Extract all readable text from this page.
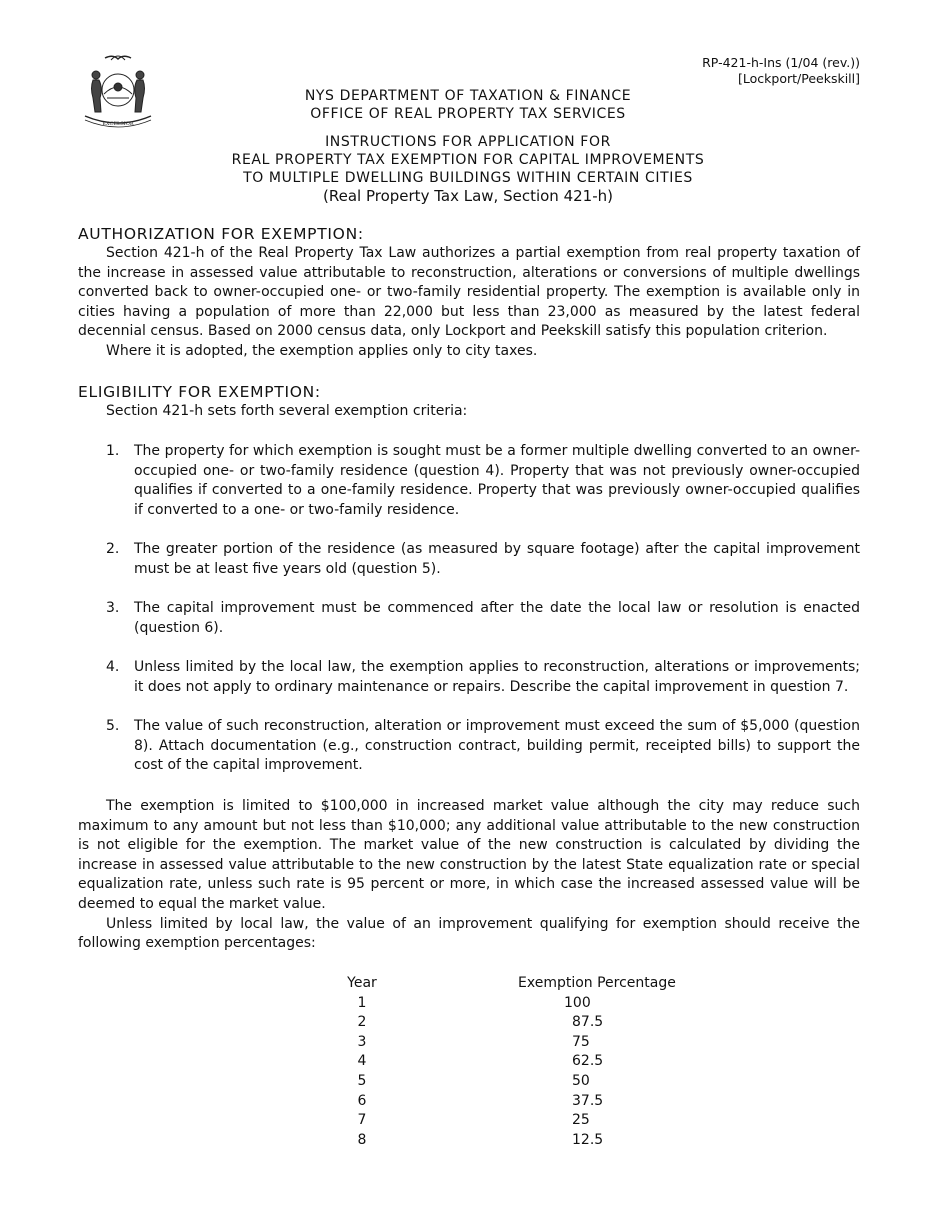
EXCELSIOR
RP-421-h-Ins (1/04 (rev.))
[Lockport/Peekskill]
NYS DEPARTMENT OF TAXATION & FINANCE
OFFICE OF REAL PROPERTY TAX SERVICES
INSTRUCTIONS FOR APPLICATION FOR
REAL PROPERTY TAX EXEMPTION FOR CAPITAL IMPROVEMENTS
TO MULTIPLE DWELLING BUILDINGS WITHIN CERTAIN CITIES
(Real Property Tax Law, Section 421-h)
AUTHORIZATION FOR EXEMPTION:

Section 421-h of the Real Property Tax Law authorizes a partial exemption from real property taxation of the increase in assessed value attributable to reconstruction, alterations or conversions of multiple dwellings converted back to owner-occupied one- or two-family residential property. The exemption is available only in cities having a population of more than 22,000 but less than 23,000 as measured by the latest federal decennial census. Based on 2000 census data, only Lockport and Peekskill satisfy this population criterion.

Where it is adopted, the exemption applies only to city taxes.

ELIGIBILITY FOR EXEMPTION:

Section 421-h sets forth several exemption criteria:

1. The property for which exemption is sought must be a former multiple dwelling converted to an owner-occupied one- or two-family residence (question 4). Property that was not previously owner-occupied qualifies if converted to a one-family residence. Property that was previously owner-occupied qualifies if converted to a one- or two-family residence.
2. The greater portion of the residence (as measured by square footage) after the capital improvement must be at least five years old (question 5).
3. The capital improvement must be commenced after the date the local law or resolution is enacted (question 6).
4. Unless limited by the local law, the exemption applies to reconstruction, alterations or improvements; it does not apply to ordinary maintenance or repairs. Describe the capital improvement in question 7.
5. The value of such reconstruction, alteration or improvement must exceed the sum of $5,000 (question 8). Attach documentation (e.g., construction contract, building permit, receipted bills) to support the cost of the capital improvement.

The exemption is limited to $100,000 in increased market value although the city may reduce such maximum to any amount but not less than $10,000; any additional value attributable to the new construction is not eligible for the exemption. The market value of the new construction is calculated by dividing the increase in assessed value attributable to the new construction by the latest State equalization rate or special equalization rate, unless such rate is 95 percent or more, in which case the increased assessed value will be deemed to equal the market value.

Unless limited by local law, the value of an improvement qualifying for exemption should receive the following exemption percentages:

Year	Exemption Percentage
1	100
2	87.5
3	75
4	62.5
5	50
6	37.5
7	25
8	12.5
